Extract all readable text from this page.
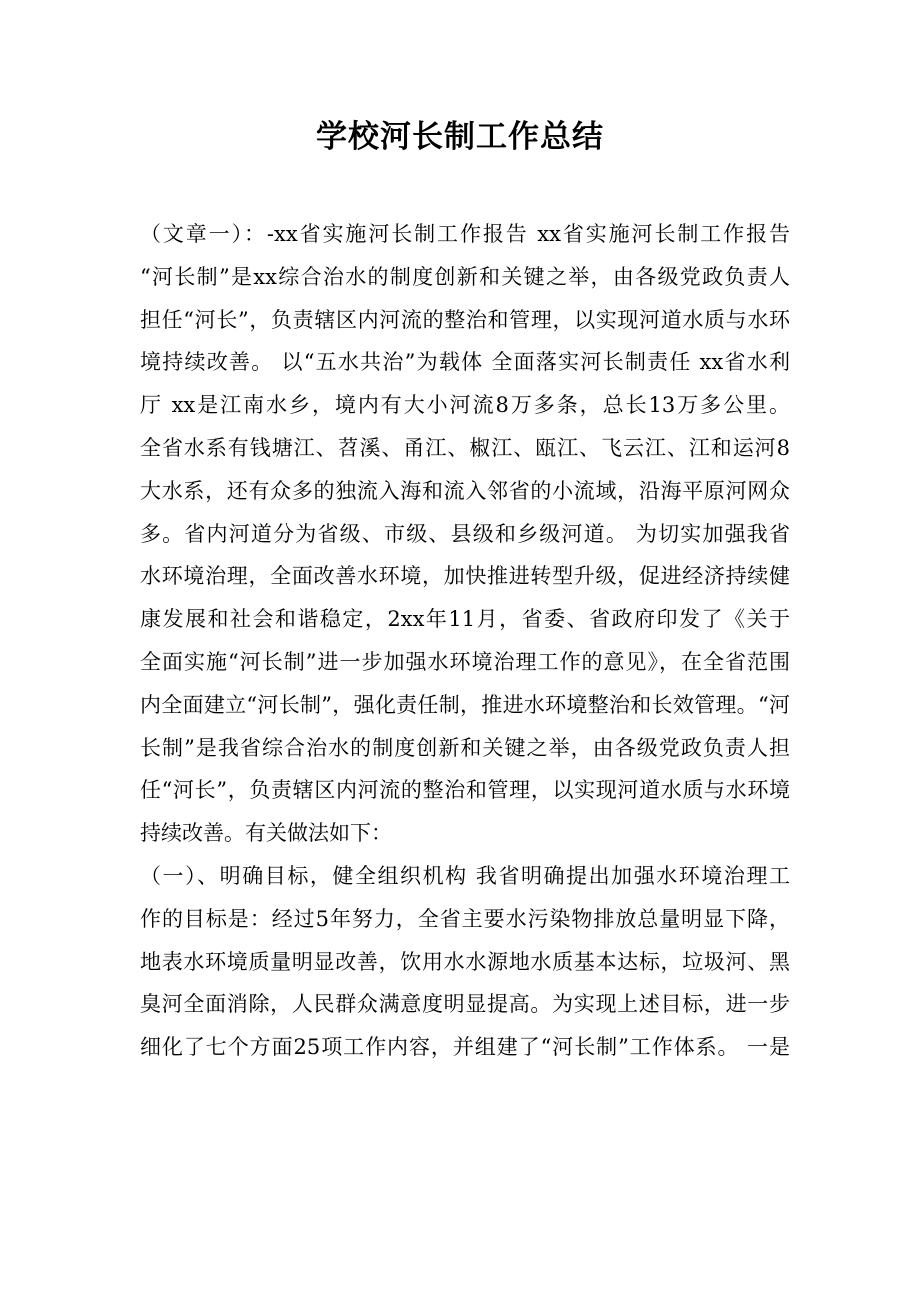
学校河长制工作总结
（文章一）：-xx省实施河长制工作报告 xx省实施河长制工作报告
“河长制”是xx综合治水的制度创新和关键之举，由各级党政负责人
担任“河长”，负责辖区内河流的整治和管理，以实现河道水质与水环
境持续改善。 以“五水共治”为载体 全面落实河长制责任 xx省水利
厅 xx是江南水乡，境内有大小河流8万多条，总长13万多公里。
全省水系有钱塘江、苕溪、甬江、椒江、瓯江、飞云江、江和运河8
大水系，还有众多的独流入海和流入邻省的小流域，沿海平原河网众
多。省内河道分为省级、市级、县级和乡级河道。 为切实加强我省
水环境治理，全面改善水环境，加快推进转型升级，促进经济持续健
康发展和社会和谐稳定，2xx年11月，省委、省政府印发了《关于
全面实施“河长制”进一步加强水环境治理工作的意见》，在全省范围
内全面建立“河长制”，强化责任制，推进水环境整治和长效管理。“河
长制”是我省综合治水的制度创新和关键之举，由各级党政负责人担
任“河长”，负责辖区内河流的整治和管理，以实现河道水质与水环境
持续改善。有关做法如下：
（一）、明确目标，健全组织机构 我省明确提出加强水环境治理工
作的目标是：经过5年努力，全省主要水污染物排放总量明显下降，
地表水环境质量明显改善，饮用水水源地水质基本达标，垃圾河、黑
臭河全面消除，人民群众满意度明显提高。为实现上述目标，进一步
细化了七个方面25项工作内容，并组建了“河长制”工作体系。 一是
